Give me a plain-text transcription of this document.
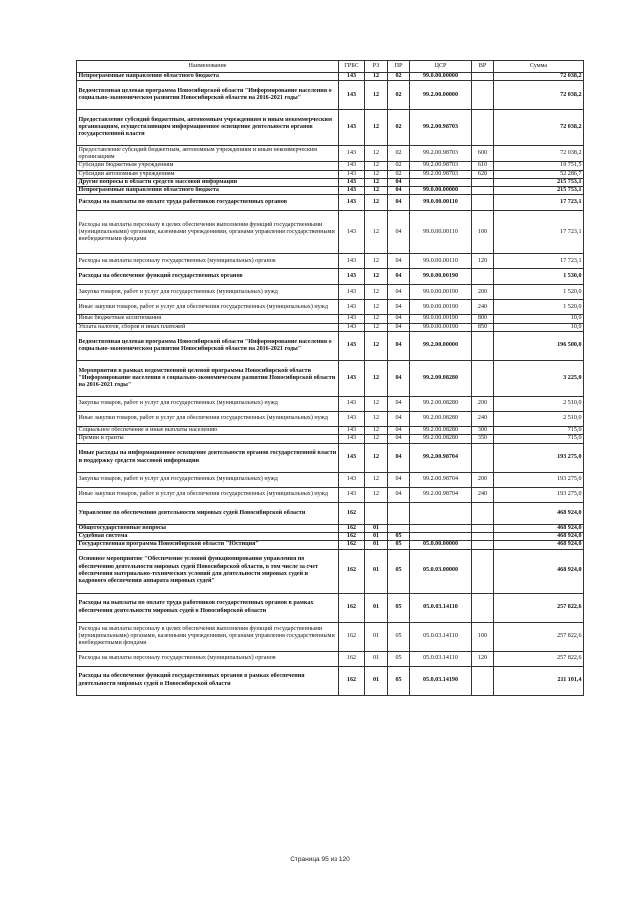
Наименование	ГРБС	РЗ	ПР	ЦСР	ВР	Сумма
Непрограммные направления областного бюджета	143	12	02	99.0.00.00000		72 038,2
Ведомственная целевая программа Новосибирской области "Информирование населения о социально-экономическом развитии Новосибирской области на 2016-2021 годы"	143	12	02	99.2.00.00000		72 038,2
Предоставление субсидий бюджетным, автономным учреждениям и иным некоммерческим организациям, осуществляющим информационное освещение деятельности органов государственной власти	143	12	02	99.2.00.98703		72 038,2
Предоставление субсидий бюджетным, автономным учреждениям и иным некоммерческим организациям	143	12	02	99.2.00.98703	600	72 038,2
Субсидии бюджетным учреждениям	143	12	02	99.2.00.98703	610	19 751,5
Субсидии автономным учреждениям	143	12	02	99.2.00.98703	620	52 286,7
Другие вопросы в области средств массовой информации	143	12	04			215 753,1
Непрограммные направления областного бюджета	143	12	04	99.0.00.00000		215 753,1
Расходы на выплаты по оплате труда работников государственных органов	143	12	04	99.0.00.00110		17 723,1
Расходы на выплаты персоналу в целях обеспечения выполнения функций государственными (муниципальными) органами, казенными учреждениями, органами управления государственными внебюджетными фондами	143	12	04	99.0.00.00110	100	17 723,1
Расходы на выплаты персоналу государственных (муниципальных) органов	143	12	04	99.0.00.00110	120	17 723,1
Расходы на обеспечение функций государственных органов	143	12	04	99.0.00.00190		1 530,0
Закупка товаров, работ и услуг для государственных (муниципальных) нужд	143	12	04	99.0.00.00190	200	1 520,0
Иные закупки товаров, работ и услуг для обеспечения государственных (муниципальных) нужд	143	12	04	99.0.00.00190	240	1 520,0
Иные бюджетные ассигнования	143	12	04	99.0.00.00190	800	10,0
Уплата налогов, сборов и иных платежей	143	12	04	99.0.00.00190	850	10,0
Ведомственная целевая программа Новосибирской области "Информирование населения о социально-экономическом развитии Новосибирской области на 2016-2021 годы"	143	12	04	99.2.00.00000		196 500,0
Мероприятия в рамках ведомственной целевой программы Новосибирской области "Информирование населения о социально-экономическом развитии Новосибирской области на 2016-2021 годы"	143	12	04	99.2.00.08280		3 225,0
Закупка товаров, работ и услуг для государственных (муниципальных) нужд	143	12	04	99.2.00.08280	200	2 510,0
Иные закупки товаров, работ и услуг для обеспечения государственных (муниципальных) нужд	143	12	04	99.2.00.08280	240	2 510,0
Социальное обеспечение и иные выплаты населению	143	12	04	99.2.00.08280	300	715,0
Премии и гранты	143	12	04	99.2.00.08280	350	715,0
Иные расходы на информационное освещение деятельности органов государственной власти и поддержку средств массовой информации	143	12	04	99.2.00.98704		193 275,0
Закупка товаров, работ и услуг для государственных (муниципальных) нужд	143	12	04	99.2.00.98704	200	193 275,0
Иные закупки товаров, работ и услуг для обеспечения государственных (муниципальных) нужд	143	12	04	99.2.00.98704	240	193 275,0
Управление по обеспечению деятельности мировых судей Новосибирской области	162					468 924,0
Общегосударственные вопросы	162	01				468 924,0
Судебная система	162	01	05			468 924,0
Государственная программа Новосибирской области "Юстиция"	162	01	05	05.0.00.00000		468 924,0
Основное мероприятие "Обеспечение условий функционирования управления по обеспечению деятельности мировых судей Новосибирской области, в том числе за счет обеспечения материально-технических условий для деятельности мировых судей и кадрового обеспечения аппарата мировых судей"	162	01	05	05.0.03.00000		468 924,0
Расходы на выплаты по оплате труда работников государственных органов в рамках обеспечения деятельности мировых судей в Новосибирской области	162	01	05	05.0.03.14110		257 822,6
Расходы на выплаты персоналу в целях обеспечения выполнения функций государственными (муниципальными) органами, казенными учреждениями, органами управления государственными внебюджетными фондами	162	01	05	05.0.03.14110	100	257 822,6
Расходы на выплаты персоналу государственных (муниципальных) органов	162	01	05	05.0.03.14110	120	257 822,6
Расходы на обеспечение функций государственных органов в рамках обеспечения деятельности мировых судей в Новосибирской области	162	01	05	05.0.03.14190		211 101,4
Страница 95 из 120
